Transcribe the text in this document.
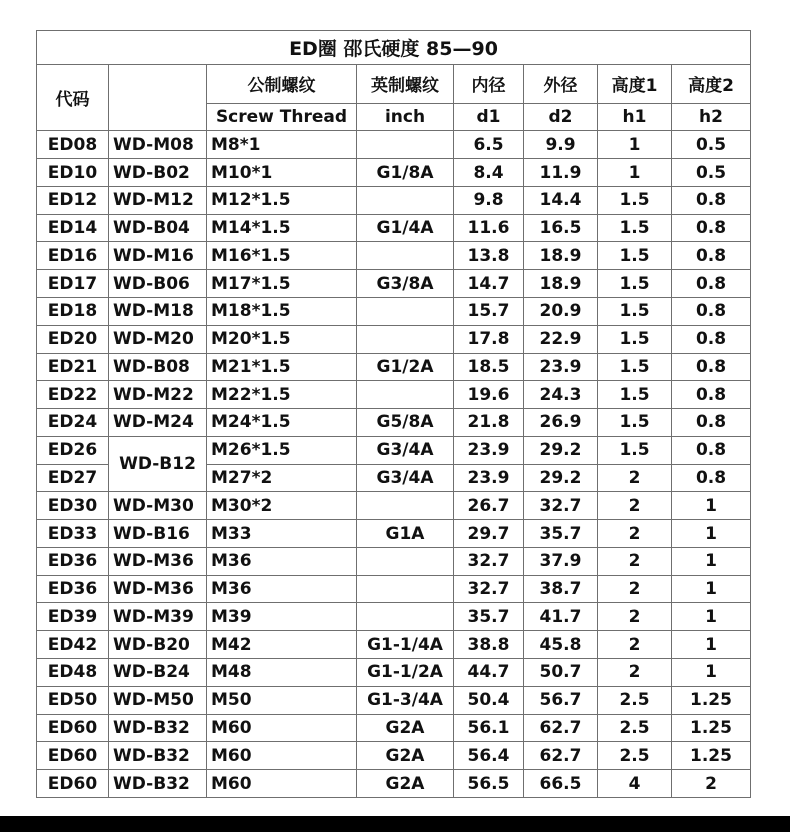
ED圈 邵氏硬度 85—90							
代码		公制螺纹	英制螺纹	内径	外径	高度1	高度2
		Screw Thread	inch	d1	d2	h1	h2
ED08	WD-M08	M8*1		6.5	9.9	1	0.5
ED10	WD-B02	M10*1	G1/8A	8.4	11.9	1	0.5
ED12	WD-M12	M12*1.5		9.8	14.4	1.5	0.8
ED14	WD-B04	M14*1.5	G1/4A	11.6	16.5	1.5	0.8
ED16	WD-M16	M16*1.5		13.8	18.9	1.5	0.8
ED17	WD-B06	M17*1.5	G3/8A	14.7	18.9	1.5	0.8
ED18	WD-M18	M18*1.5		15.7	20.9	1.5	0.8
ED20	WD-M20	M20*1.5		17.8	22.9	1.5	0.8
ED21	WD-B08	M21*1.5	G1/2A	18.5	23.9	1.5	0.8
ED22	WD-M22	M22*1.5		19.6	24.3	1.5	0.8
ED24	WD-M24	M24*1.5	G5/8A	21.8	26.9	1.5	0.8
ED26	WD-B12	M26*1.5	G3/4A	23.9	29.2	1.5	0.8
ED27		M27*2	G3/4A	23.9	29.2	2	0.8
ED30	WD-M30	M30*2		26.7	32.7	2	1
ED33	WD-B16	M33	G1A	29.7	35.7	2	1
ED36	WD-M36	M36		32.7	37.9	2	1
ED36	WD-M36	M36		32.7	38.7	2	1
ED39	WD-M39	M39		35.7	41.7	2	1
ED42	WD-B20	M42	G1-1/4A	38.8	45.8	2	1
ED48	WD-B24	M48	G1-1/2A	44.7	50.7	2	1
ED50	WD-M50	M50	G1-3/4A	50.4	56.7	2.5	1.25
ED60	WD-B32	M60	G2A	56.1	62.7	2.5	1.25
ED60	WD-B32	M60	G2A	56.4	62.7	2.5	1.25
ED60	WD-B32	M60	G2A	56.5	66.5	4	2
